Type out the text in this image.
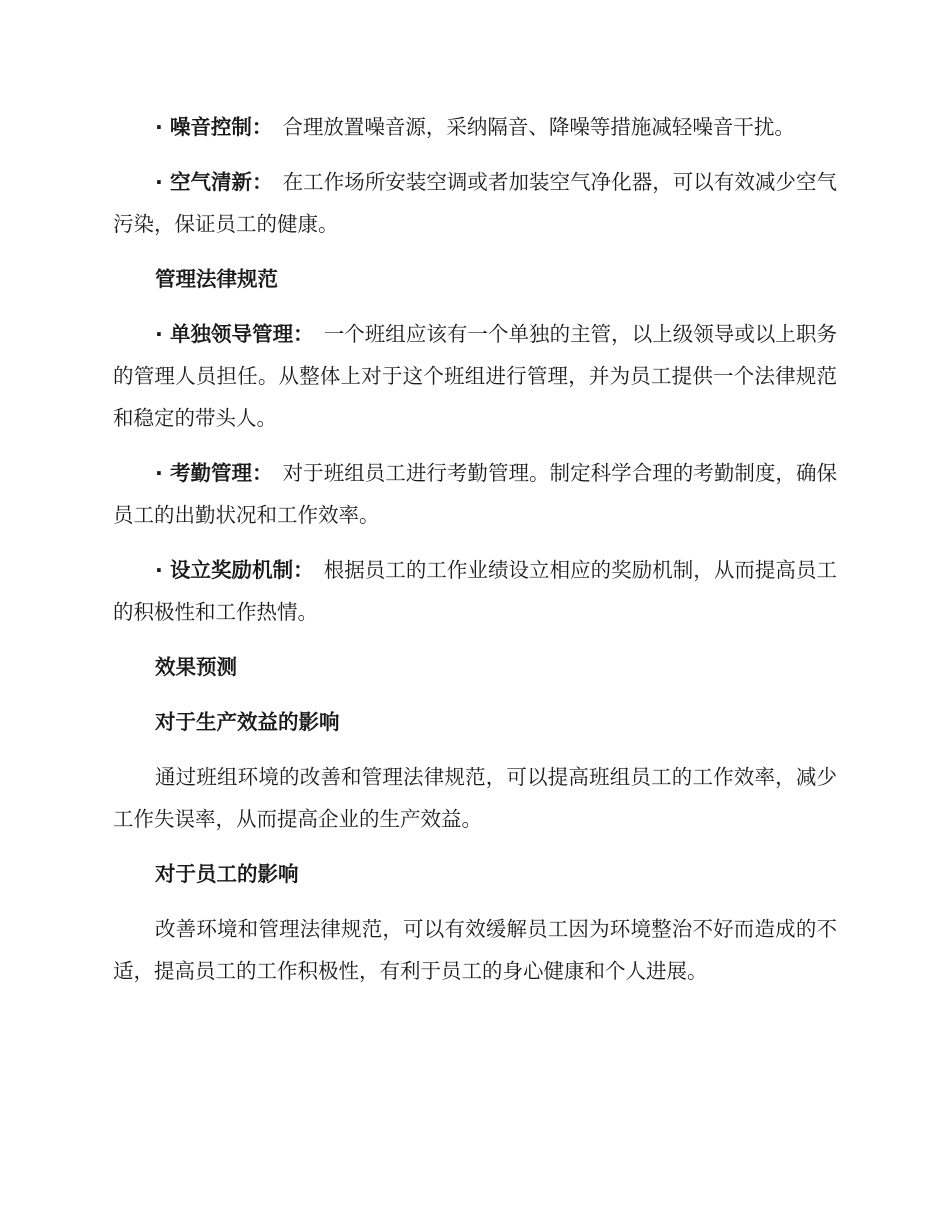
· 噪音控制： 合理放置噪音源，采纳隔音、降噪等措施减轻噪音干扰。

· 空气清新： 在工作场所安装空调或者加装空气净化器，可以有效减少空气污染，保证员工的健康。

管理法律规范

· 单独领导管理： 一个班组应该有一个单独的主管，以上级领导或以上职务的管理人员担任。从整体上对于这个班组进行管理，并为员工提供一个法律规范和稳定的带头人。

· 考勤管理： 对于班组员工进行考勤管理。制定科学合理的考勤制度，确保员工的出勤状况和工作效率。

· 设立奖励机制： 根据员工的工作业绩设立相应的奖励机制，从而提高员工的积极性和工作热情。

效果预测

对于生产效益的影响

通过班组环境的改善和管理法律规范，可以提高班组员工的工作效率，减少工作失误率，从而提高企业的生产效益。

对于员工的影响

改善环境和管理法律规范，可以有效缓解员工因为环境整治不好而造成的不适，提高员工的工作积极性，有利于员工的身心健康和个人进展。
